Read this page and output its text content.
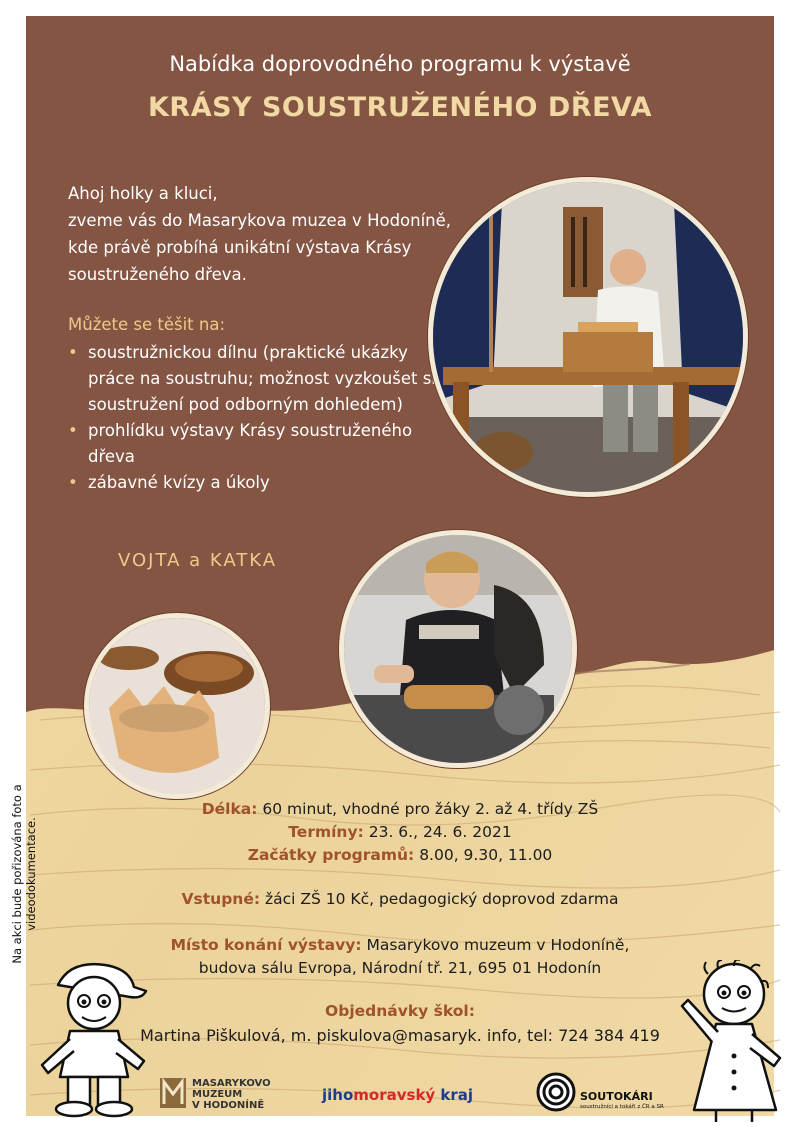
Nabídka doprovodného programu k výstavě
KRÁSY SOUSTRUŽENÉHO DŘEVA
Ahoj holky a kluci,
zveme vás do Masarykova muzea v Hodoníně,
kde právě probíhá unikátní výstava Krásy
soustruženého dřeva.
Můžete se těšit na:
• soustružnickou dílnu (praktické ukázky práce na soustruhu; možnost vyzkoušet si soustružení pod odborným dohledem)
• prohlídku výstavy Krásy soustruženého dřeva
• zábavné kvízy a úkoly
VOJTA a KATKA
Délka: 60 minut, vhodné pro žáky 2. až 4. třídy ZŠ
Termíny: 23. 6., 24. 6. 2021
Začátky programů: 8.00, 9.30, 11.00
Vstupné: žáci ZŠ 10 Kč, pedagogický doprovod zdarma
Místo konání výstavy: Masarykovo muzeum v Hodoníně,
budova sálu Evropa, Národní tř. 21, 695 01 Hodonín
Objednávky škol:
Martina Piškulová, m. piskulova@masaryk. info, tel: 724 384 419
Na akci bude pořizována foto a videodokumentace.
MASARYKOVO
MUZEUM
V HODONÍNĚ
jihomoravský kraj	SOUTOKÁRI
soustružníci a tokáři z ČR a SR
